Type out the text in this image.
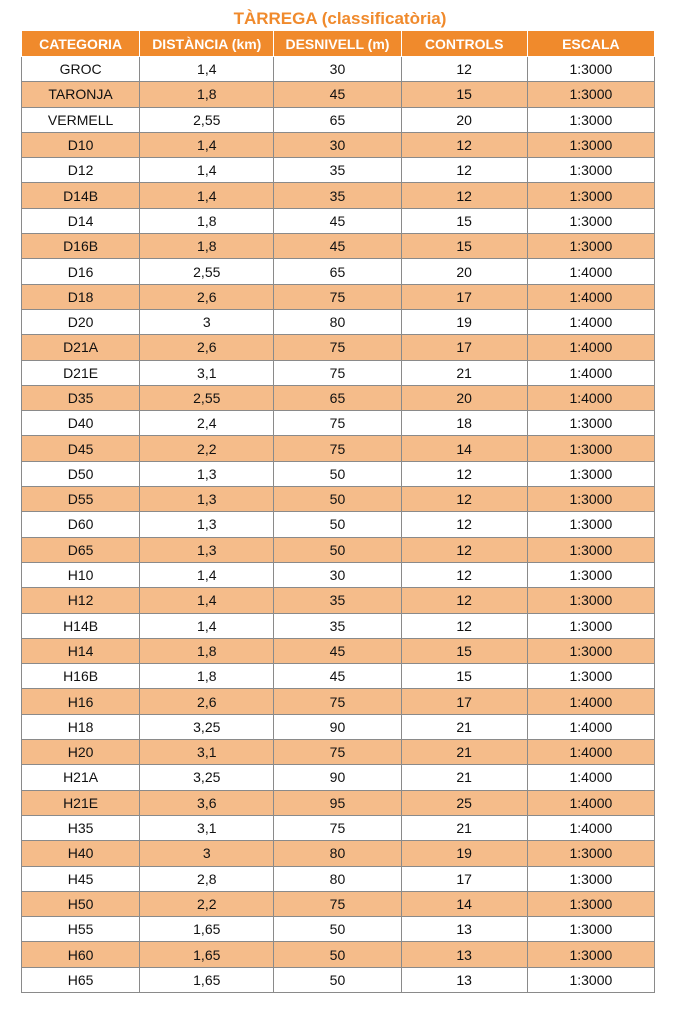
TÀRREGA (classificatòria)
CATEGORIA	DISTÀNCIA (km)	DESNIVELL (m)	CONTROLS	ESCALA
GROC	1,4	30	12	1:3000
TARONJA	1,8	45	15	1:3000
VERMELL	2,55	65	20	1:3000
D10	1,4	30	12	1:3000
D12	1,4	35	12	1:3000
D14B	1,4	35	12	1:3000
D14	1,8	45	15	1:3000
D16B	1,8	45	15	1:3000
D16	2,55	65	20	1:4000
D18	2,6	75	17	1:4000
D20	3	80	19	1:4000
D21A	2,6	75	17	1:4000
D21E	3,1	75	21	1:4000
D35	2,55	65	20	1:4000
D40	2,4	75	18	1:3000
D45	2,2	75	14	1:3000
D50	1,3	50	12	1:3000
D55	1,3	50	12	1:3000
D60	1,3	50	12	1:3000
D65	1,3	50	12	1:3000
H10	1,4	30	12	1:3000
H12	1,4	35	12	1:3000
H14B	1,4	35	12	1:3000
H14	1,8	45	15	1:3000
H16B	1,8	45	15	1:3000
H16	2,6	75	17	1:4000
H18	3,25	90	21	1:4000
H20	3,1	75	21	1:4000
H21A	3,25	90	21	1:4000
H21E	3,6	95	25	1:4000
H35	3,1	75	21	1:4000
H40	3	80	19	1:3000
H45	2,8	80	17	1:3000
H50	2,2	75	14	1:3000
H55	1,65	50	13	1:3000
H60	1,65	50	13	1:3000
H65	1,65	50	13	1:3000
